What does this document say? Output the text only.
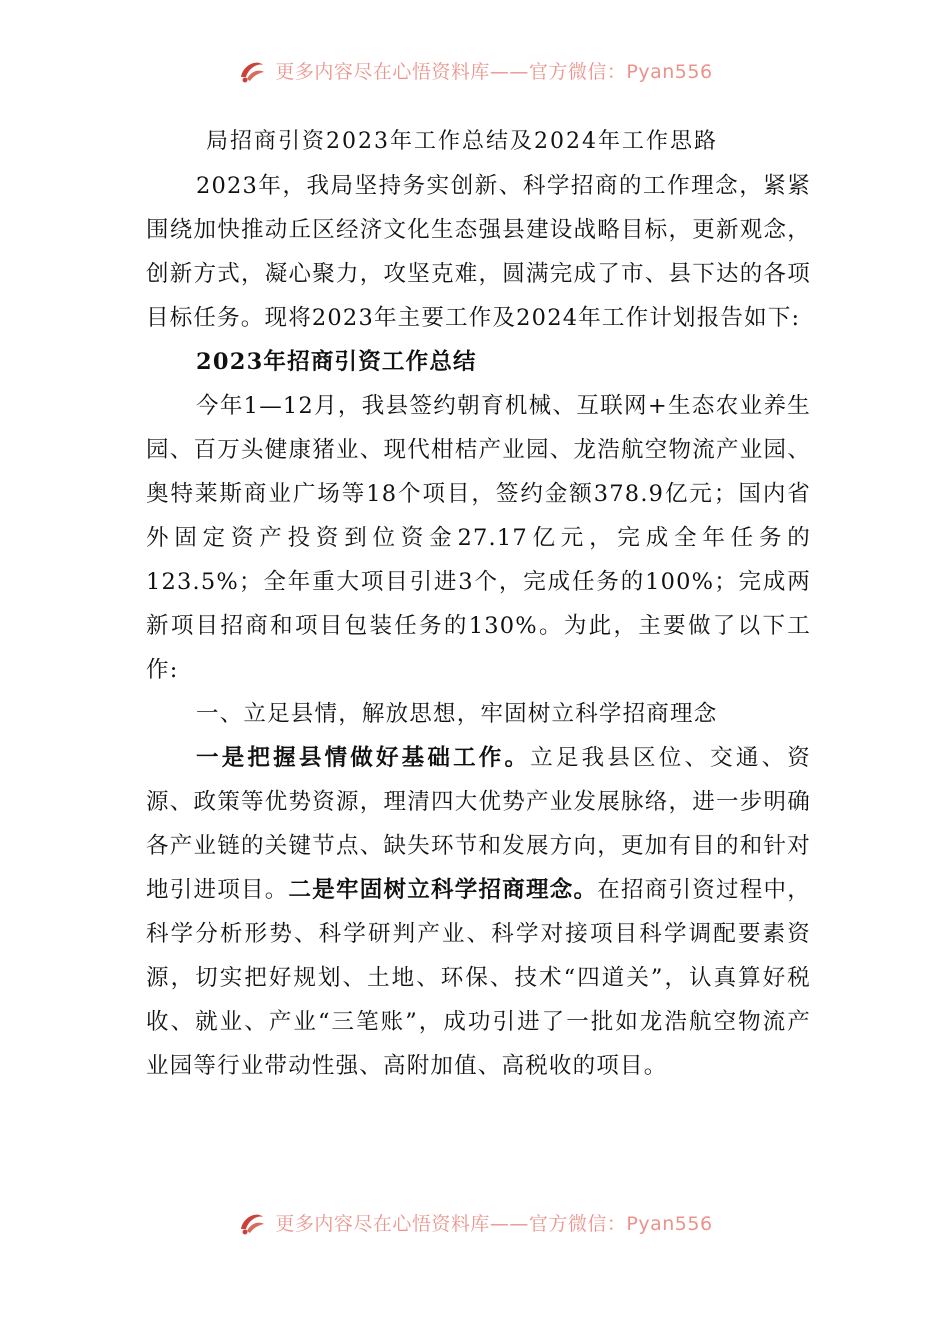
更多内容尽在心悟资料库——官方微信：Pyan556
局招商引资2023年工作总结及2024年工作思路

2023年，我局坚持务实创新、科学招商的工作理念，紧紧围绕加快推动丘区经济文化生态强县建设战略目标，更新观念，创新方式，凝心聚力，攻坚克难，圆满完成了市、县下达的各项目标任务。现将2023年主要工作及2024年工作计划报告如下:

2023年招商引资工作总结

今年1—12月，我县签约朝育机械、互联网+生态农业养生园、百万头健康猪业、现代柑桔产业园、龙浩航空物流产业园、奥特莱斯商业广场等18个项目，签约金额378.9亿元；国内省外固定资产投资到位资金27.17亿元，完成全年任务的123.5%；全年重大项目引进3个，完成任务的100%；完成两新项目招商和项目包装任务的130%。为此，主要做了以下工作:

一、立足县情，解放思想，牢固树立科学招商理念

一是把握县情做好基础工作。立足我县区位、交通、资源、政策等优势资源，理清四大优势产业发展脉络，进一步明确各产业链的关键节点、缺失环节和发展方向，更加有目的和针对地引进项目。二是牢固树立科学招商理念。在招商引资过程中，科学分析形势、科学研判产业、科学对接项目科学调配要素资源，切实把好规划、土地、环保、技术“四道关”，认真算好税收、就业、产业“三笔账”，成功引进了一批如龙浩航空物流产业园等行业带动性强、高附加值、高税收的项目。

更多内容尽在心悟资料库——官方微信：Pyan556
